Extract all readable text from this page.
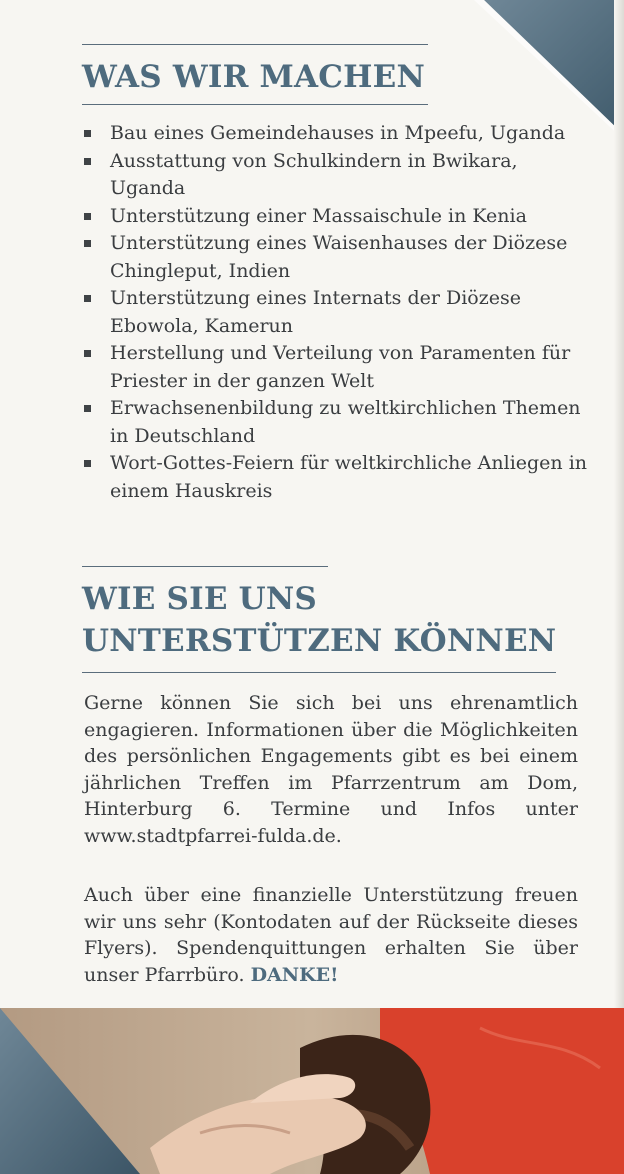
WAS WIR MACHEN
Bau eines Gemeindehauses in Mpeefu, Uganda
Ausstattung von Schulkindern in Bwikara, Uganda
Unterstützung einer Massaischule in Kenia
Unterstützung eines Waisenhauses der Diözese Chingleput, Indien
Unterstützung eines Internats der Diözese Ebowola, Kamerun
Herstellung und Verteilung von Paramenten für Priester in der ganzen Welt
Erwachsenenbildung zu weltkirchlichen Themen in Deutschland
Wort-Gottes-Feiern für weltkirchliche Anliegen in einem Hauskreis
WIE SIE UNS
UNTERSTÜTZEN KÖNNEN

Gerne können Sie sich bei uns ehrenamtlich engagieren. Informationen über die Möglichkeiten des persönlichen Engagements gibt es bei einem jährlichen Treffen im Pfarrzentrum am Dom, Hinterburg 6. Termine und Infos unter www.stadtpfarrei-fulda.de.

Auch über eine finanzielle Unterstützung freuen wir uns sehr (Kontodaten auf der Rückseite dieses Flyers). Spendenquittungen erhalten Sie über unser Pfarrbüro. DANKE!
